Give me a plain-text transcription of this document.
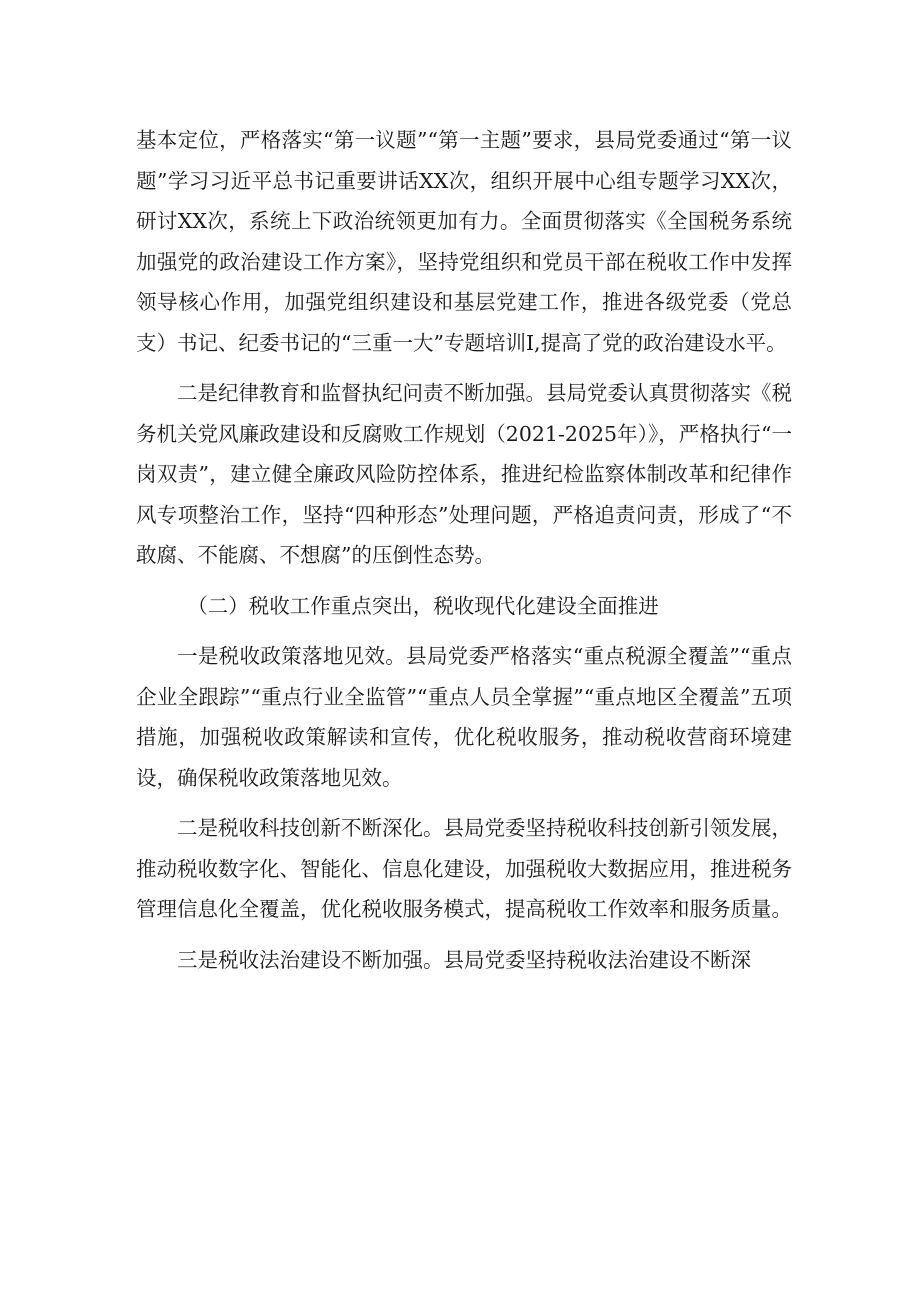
基本定位，严格落实“第一议题”“第一主题”要求，县局党委通过“第一议题”学习习近平总书记重要讲话XX次，组织开展中心组专题学习XX次，研讨XX次，系统上下政治统领更加有力。全面贯彻落实《全国税务系统加强党的政治建设工作方案》，坚持党组织和党员干部在税收工作中发挥领导核心作用，加强党组织建设和基层党建工作，推进各级党委（党总支）书记、纪委书记的“三重一大”专题培训Ⅰ,提高了党的政治建设水平。

二是纪律教育和监督执纪问责不断加强。县局党委认真贯彻落实《税务机关党风廉政建设和反腐败工作规划（2021-2025年）》，严格执行“一岗双责”，建立健全廉政风险防控体系，推进纪检监察体制改革和纪律作风专项整治工作，坚持“四种形态”处理问题，严格追责问责，形成了“不敢腐、不能腐、不想腐”的压倒性态势。

（二）税收工作重点突出，税收现代化建设全面推进

一是税收政策落地见效。县局党委严格落实“重点税源全覆盖”“重点企业全跟踪”“重点行业全监管”“重点人员全掌握”“重点地区全覆盖”五项措施，加强税收政策解读和宣传，优化税收服务，推动税收营商环境建设，确保税收政策落地见效。

二是税收科技创新不断深化。县局党委坚持税收科技创新引领发展，推动税收数字化、智能化、信息化建设，加强税收大数据应用，推进税务管理信息化全覆盖，优化税收服务模式，提高税收工作效率和服务质量。

三是税收法治建设不断加强。县局党委坚持税收法治建设不断深
